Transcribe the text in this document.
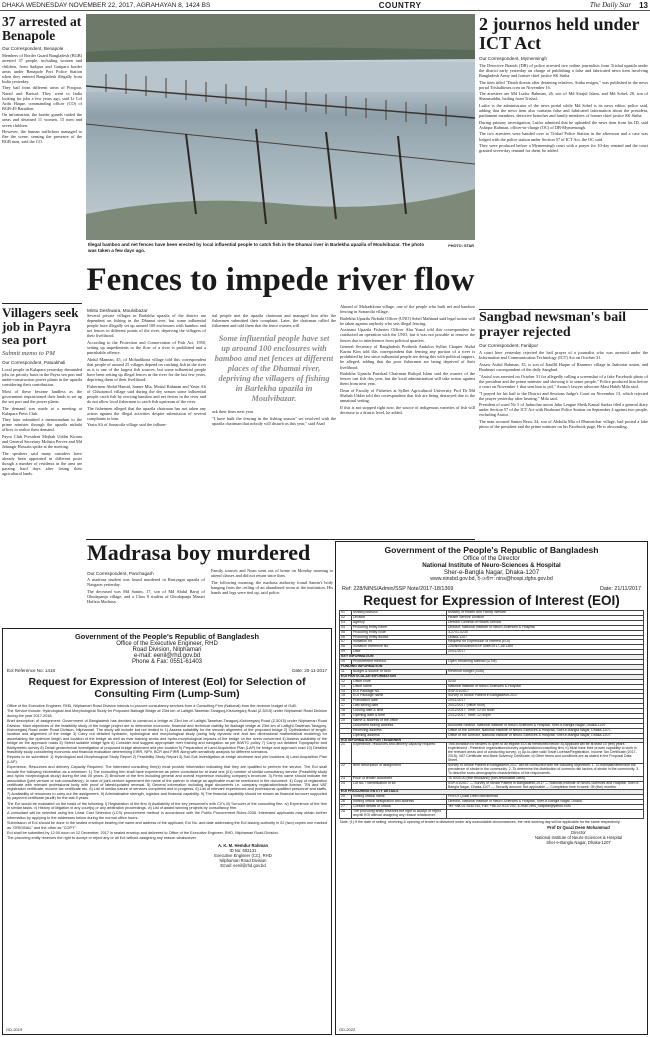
DHAKA WEDNESDAY NOVEMBER 22, 2017, AGRAHAYAN 8, 1424 BS	COUNTRY	The Daily Star 13
37 arrested at Benapole
Our Correspondent, Benapole

Members of Border Guard Bangladesh (BGB) arrested 37 people, including women and children, from Sadipur and Gatipara border areas under Benapole Port Police Station when they entered Bangladesh illegally from India yesterday.

They hail from different areas of Pirojpur, Narail and Barisal. They went to India looking for jobs a few years ago, said Lt Col Arifu Haque, commanding officer (CO) of BGB-49 Battalion.

On information, the border guards raided the areas and detained 11 women, 15 men and seven children.

However, the human traffickers managed to flee the scene, sensing the presence of the BGB men, said the CO.

Villagers seek job in Payra sea port
Submit memo to PM
Our Correspondent, Patuakhali

Local people in Kalapara yesterday demanded jobs on priority basis in the Payra sea port and under-construction power plants in the upazila considering their contribution.

Most of these became landless as the government requisitioned their lands to set up the sea port and the power plants.

The demand was made at a meeting at Kalapara Press Club.

They later submitted a memorandum to the prime minister through the upazila nirbahi officer to realise their demand.

Payra Club President Mejbah Uddin Kiranu and General Secretary Mohsin Pervez and Md Jahangir Hossain spoke at the meeting.

The speakers said many outsiders have already been appointed in different posts though a number of residents in the area are passing hard days after losing their agricultural lands.

Illegal bamboo and net fences have been erected by local influential people to catch fish in the Dhamai river in Barlekha upazila of Moulvibazar. The photo was taken a few days ago.
PHOTO: STAR
Fences to impede river flow
Mintu Deshwara, Moulvibazar

Several private villages in Barlekha upazila of the district are dependent on fishing in the Dhamai river, but some influential people have illegally set up around 100 enclosures with bamboo and net fences in different points of the river, depriving the villagers of their livelihood.

According to the Protection and Conservation of Fish Act, 1950, setting up impediments to the flow of a river is prohibited and a punishable offence.

Abdul Mannan, 45, of Mohadikona village told this correspondent that people of around 25 villages depend on catching fish in the river as it is one of the largest fish sources, but some influential people have been setting up illegal fences in the river for the last few years, depriving them of their livelihood.

Fishermen Abdul Hamid, Samer Mia, Motiul Rahman and Yasin Ali of Chhotomol village said during the dry season some influential people catch fish by erecting bamboo and net fences in the river and do not allow local fishermen to catch fish upstream of the river.

The fishermen alleged that the upazila chairman has not taken any action against the illegal activities despite submission of several complaints to him.

Yasin Ali of Sonaroila village said the influen-

tial people met the upazila chairman and managed him after the fishermen submitted their complaint. Later, the chairman called the fishermen and told them that the fence owners will

Some influential people have set up around 100 enclosures with bamboo and net fences at different places of the Dhamai river, depriving the villagers of fishing in Barlekha upazila in Moulvibazar.

ask their fines next year.

"I have built the fencing in the fishing season" we resolved with the upazila chairman that nobody will disturb us this year," said Asad

Ahmed of Mohadikona village, one of the people who built net and bamboo fencing in Sonaroila village.

Barlekha Upazila Nirbahi Officer (UNO) Sohel Mahmud said legal action will be taken against anybody who sets illegal fencing.

Assistant Upazila Fisheries Officer Abu Yusuf told this correspondent he conducted an operation with the UNO, but it was not possible to remove the fences due to interference from political quarters.

General Secretary of Bangladesh Proibesh Andolon Sylhet Chapter Abdul Karim Kim told this correspondent that fencing any portion of a river is prohibited by law since influential people are doing this with political support, he alleged, adding that the poor fishermen are being deprived of their livelihood.

Barlekha Upazila Parishad Chairman Rafiqul Islam said the owners of the fences can fish this year, but the local administration will take action against them from next year.

Dean of Faculty of Fisheries at Sylhet Agricultural University Prof Dr Md Shahab Uddin told this correspondent that fish are being destroyed due to the unnatural setting.

If this is not stopped right now, the source of indigenous varieties of fish will decrease to a drastic level, he added.

Madrasa boy murdered
Our Correspondent, Panchagarh

A madrasa student was found murdered in Rasiyagat upazila of Naogaon yesterday.

The deceased was Md Sanim, 17, son of Md Abdul Baraj of Ghodapanja village, and a Class 8 student of Ghodapanja Mazari Hafizia Madrasa.

Family sources and Noan went out of home on Monday morning to attend classes and did not return since then.

The following morning, the madrasa authority found Sanim's body hanging from the ceiling of an abandoned room at the institution. His hands and legs were tied up, said police.

2 journos held under ICT Act
Our Correspondent, Mymensingh

The Detective Branch (DB) of police arrested two online journalists from Trishal upazila under the district early yesterday on charge of publishing a false and fabricated news item involving Bangladesh Army and former chief justice SK Sinha.

The item titled "Death threats after detaining relatives, Sinha resigns," was published in the news portal Trishaltimes.com on November 16.

The arrestees are Md Lutfor Rahman, 26, son of Md Sirajul Islam, and Md Sohel, 28, son of Shamsuddin, hailing from Trishal.

Lutfor is the administrator of the news portal while Md Sohel is its news editor, police said, adding that the news item also contains false and fabricated information about the president, parliament members, detective branches and family members of former chief justice SK Sinha.

During primary investigation, Lutfor admitted that he uploaded the news item from his ID, said Ashiqur Rahman, officer-in-charge (OC) of DB-Mymensingh.

The two arrestees were handed over to Trishal Police Station in the afternoon and a case was lodged with the police station under Section 57 of ICT Act, the OC said.

They were produced before a Mymensingh court with a prayer for 10-day remand and the court granted seven-day remand for them, he added.

Sangbad newsman's bail prayer rejected
Our Correspondent, Faridpur

A court here yesterday rejected the bail prayer of a journalist who was arrested under the Information and Communication Technology (ICT) Act on October 31.

Assaw Asiful Rahman, 35, is son of Jiaullil Haque of Ramnorr village in Jaahortar union, and Boalmari correspondent of the daily Sangbad.

"Assiul was arrested on October 31 for allegedly calling a screenshot of a fake Facebook photo of the president and the prime minister and showing it to some people," Police produced him before a court on November 1 that sent him to jail," Assiur's lawyer advocate Masi Habib Mila said.

"I prayed for his bail to the District and Sessions Judge's Court on November 13, which rejected the prayer yesterday after hearing," Mila said.

President of ward No 5 of Jadurchar union Jubo League Sheik Kamal Sarkar filed a general diary under Section 57 of the ICT Act with Boalmari Police Station on September 4 against two people, excluding Assiur.

The man accused Sanim Reza, 24, son of Abdulla Mia of Dhamrichar village, had posted a fake photo of the president and the prime minister on his Facebook page, He is absconding.

Government of the People's Republic of Bangladesh
Office of the Executive Engineer, RHD
Road Division, Nilphamari
e-mail: eenil@rhd.gov.bd
Phone & Fax: 0551-61403
Eol Reference No: 1418	Date: 20-11-2017
Request for Expression of Interest (EoI) for Selection of Consulting Firm (Lump-Sum)

Office of the Executive Engineer, RHD, Nilphamari Road Division intends to procure consultancy services from a Consulting Firm (National) from the revenue budget of GoB.

The Service include: Hydrological and Morphological Study for Proposed Baihagti Bridge at 23rd km of Lalitghi-Tawehan-Taragonj-Kishoreganj Road (Z-5015) under Nilphamari Road Division during the year 2017-2018.

Brief description of assignment: Government of Bangladesh has decided to construct a bridge at 23rd km of Lalitghi-Tawehan-Taragonj-Kishoreganj Road (Z-5015) under Nilphamari Road Division. Main objectives of the feasibility study of the bridge project are to determine economic, financial and technical viability for Baihagti bridge at 23rd km of Lalitghi-Tawehan-Taragonj-Kishoreganj Road under Road Division, Nilphamari. The study will include but not limited to 1) Assess suitability for the smooth alignment of the proposed bridge 2) Optimization of length, location and alignment of the bridge 3) Carry out detailed hydraulic, hydrological and morphological study (using fully dynamic one and two dimensional mathematical modeling) for ascertaining the optimum length and location of the bridge as well as river training works and hydro-morphological impacts of the bridge on the rivers concerned 4) Assess suitability of the bridge on the approach roads 5) Select suitable bridge type 6) Consider and suggest appropriate river training and navigation as per BIWTC policy 7) Carry out detailed Topographic and Bathymetric survey 8) Detail geotechnical investigation of proposed bridge abutment and pier location 9) Preparation of Land Acquisition Plan (LAP) for bridge and approach road 10) Detailed feasibility study considering economic and financial evaluation determining EIRR, NPV, BCR and FIRR along with sensitivity analysis for different scenarios.

Reports to be submitted: 1) Hydrological and Morphological Study Report 2) Feasibility Study Report 3) Soil-Soil Investigation at bridge abutment and pier locations 4) Land Acquisition Plan (LAP).

Experience, Resources and delivery Capacity Required: The interested consulting firm(s) must provide information indicating that they are qualified to perform the service. The EoI shall include the following information as a minimum: 1) The consulting firm shall have experience as prime consultant for at least one (01) number of similar consultancy service (Feasibility study and hydro morphological study) during the last 05 years. 2) Brochure of the firm including general and overall experience including company's brochure. 3) Firms name should indicate the association (joint venture or sub-consultancy). In case of joint-venture agreement the name of the partner in charge as applicable must be mentioned in the document. 4) Copy of registration certificate with relevant professional body with proof of latest/updated renewal. 5) General information including legal documents i.e. company registration/trade license, TIN and VAT registration certificate, income tax certificate etc. 6) List of similar nature of services completed and in progress. 6) List of relevant experienced and professional qualified personnel and staffs. 7) Availability of resources to carry out the assignment. 8) Administrative strength, logistics and financial capability. 9) The financial capability should be shown as financial turnover supported by payment certificate (audit) for the last 5 years.

The EoI would be evaluated on the basis of the following: i) Registration of the firm ii) Availability of the key personnel's with CV's iii) Turnover of the consulting firm. iv) Experience of the firm in similar tasks. v) History of litigation in any court(s) or any arbitration proceedings. vi) List of award winning projects by consultancy firm.

A consultant will be selected using the Least Cost Selection (LCS) procurement method in accordance with the Public Procurement Rules-2008. Interested applicants may obtain further information by applying to the addresses below during the normal office hours.

Submission of EoI should be done in the sealed envelope bearing the name and address of the applicant, EoI No. and date addressing the EoI issuing authority in 02 (two) copies one marked as "ORIGINAL" and the other as "COPY".

EoI shall be submitted by 12:00 noon on 12 December, 2017 in sealed envelop and delivered to Office of the Executive Engineer, RHD, Nilphamari Road Division.

The procuring entity reserves the right to accept or reject any or all EoI without assigning any reason whatsoever.

A. K. M. Hemdur Rahman
ID No: 602131
Executive Engineer (CC), RHD
Nilphamari Road Division
Email: eenil@rhd.gov.bd
GD-2019
Government of the People's Republic of Bangladesh
Office of the Director
National Institute of Neuro-Sciences & Hospital
Sher-e-Bangla Nagar, Dhaka-1207
www.ninsbd.gov.bd, ই-মেইল: nins@hospi.dghs.gov.bd
Ref: 228/NINS/Admin/SSP Note/2017-18/1369	Date: 21/11/2017
Request for Expression of Interest (EOI)
01	Ministry/division	Ministry of Health and Family Welfare
02	Division	Health Service Division
03	Agency	Director General of Health Service
04	Procuring entity name	Director, National Institute of Neuro-Sciences & Hospital
05	Procuring entity code	3-2701-0230
06	Procuring entity district	Dhaka-1207
07	Invitation for	Request for Expression of Interest (EOI)
08	Invitation reference No.	228/NINS/Admin/SSP Note/2017-18/1369
09	Date	20/11/2017
KEY INFORMATION		
10	Procurement method	Open Tendering Method (OTM)
FUNDING INFORMATION		
11	Budget & source of fund	Revenue budget (GoB)
EOI PARTICULAR INFORMATION		
12	Office code	0230
13	Office name	National Institute of Neuro-Sciences & Hospital
14	EOI Package No.	SSP-01/2017
15	EOI Package name	Survey of Stroke Patient in Bangladesh-2017
16	Publication date	20/11/2017
17	Last selling date	20/12/2017 (office hour)
18	Closing date & time	21/12/2017, Time: 12:00 noon
19	Opening date & time	21/12/2017, Time: 12:30pm
20	Name & address of the office	
	Document selling address	Accounts Section, National Institute of Neuro-Sciences & Hospital, Sher-e-Bangla Nagar, Dhaka-1207.
	Receiving address	Office of the Director, National Institute of Neuro-Sciences & Hospital, Sher-e-Bangla Nagar, Dhaka-1207.
	Opening address	Office of the Director, National Institute of Neuro-Sciences & Hospital, Sher-e-Bangla Nagar, Dhaka-1207.
EOI INFORMATION FOR TENDERER		
21	Experience, resources and delivery capacity required	This invitation for tenders is open to all eligible EOI as mentioned below: a) Applicant will be at least 10 (ten) years experienced - Research organizations/survey organizations/consulting firm; b) Must have their proven capability to work in the relevant areas and of conducting survey; c) Up-to-date valid Trade License/Registration, Income Tax Certificate (2017-2018), VAT Certificate and Bank Solvency Certificate; d) Other terms and conditions are as stated in the Proposal Data Sheet.
22	Brief description of assignment	Survey of Stroke Patient in Bangladesh-2017 will be conducted with the following objectives: 1. To estimate/determine the prevalence of stroke in the community. 2. To determine the distribution of common risk factors of stroke in the community. 3. To describe socio-demographic characteristics of the respondents.
23	Price of tender document	Tk 5000.00 (five thousand) (non-refundable cash).
24	Lot No. / Identification of lot	SSP-01/2017 — Survey of Stroke Patient in Bangladesh-2017 — National Institute of Neuro-Sciences and Hospital, Sher-e-Bangla Nagar, Dhaka-1207 — Security amount: Not applicable — Completion time in week: 05 (five) months
EOI PROCURING ENTITY DETAILS		
25	Inviting official name	Prof Dr Quazi Deen Mohammad
26	Inviting official designation and address	Director, National Institute of Neuro-Sciences & Hospital, Sher-e-Bangla Nagar, Dhaka.
27	Contact details of official	Tel: +88-02-9140752, Fax: +88-02-9137292, E-mail: nins_hospital@yahoo.com
28	The procuring entity reserves the right to accept or reject any/all EOI without assigning any reason whatsoever.	
Note: (1) If the date of selling, receiving & opening of tender is disturbed under any unavoidable circumstances, the next working day will be applicable for the same respectively.
Prof Dr Quazi Deen Mohammad
Director
National Institute of Neuro-Sciences & Hospital
Sher-e-Bangla Nagar, Dhaka-1207
GD-2022
